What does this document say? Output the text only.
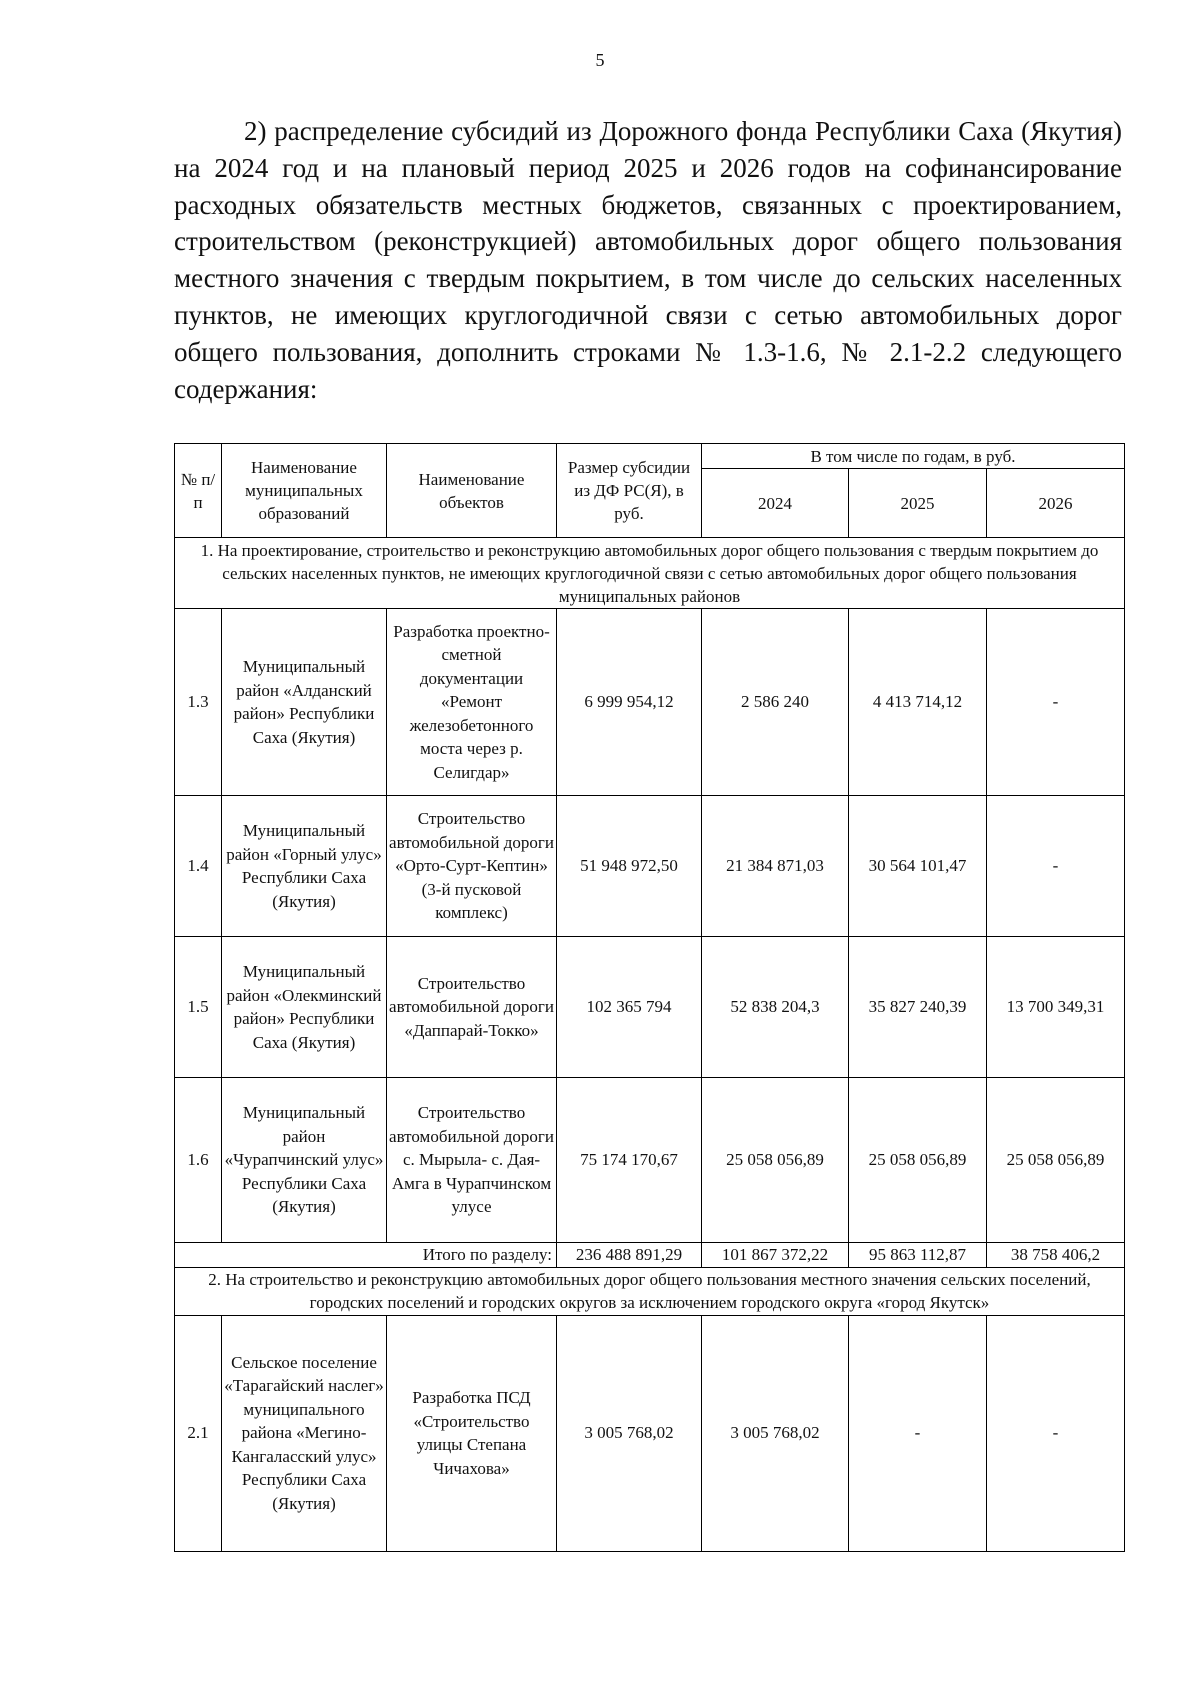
5

2) распределение субсидий из Дорожного фонда Республики Саха (Якутия) на 2024 год и на плановый период 2025 и 2026 годов на софинансирование расходных обязательств местных бюджетов, связанных с проектированием, строительством (реконструкцией) автомобильных дорог общего пользования местного значения с твердым покрытием, в том числе до сельских населенных пунктов, не имеющих круглогодичной связи с сетью автомобильных дорог общего пользования, дополнить строками № 1.3-1.6, № 2.1-2.2 следующего содержания:

№ п/п	Наименование муниципальных образований	Наименование объектов	Размер субсидии из ДФ РС(Я), в руб.	В том числе по годам, в руб.		
				2024	2025	2026
1. На проектирование, строительство и реконструкцию автомобильных дорог общего пользования с твердым покрытием до сельских населенных пунктов, не имеющих круглогодичной связи с сетью автомобильных дорог общего пользования муниципальных районов						
1.3	Муниципальный район «Алданский район» Республики Саха (Якутия)	Разработка проектно-сметной документации «Ремонт железобетонного моста через р. Селигдар»	6 999 954,12	2 586 240	4 413 714,12	-
1.4	Муниципальный район «Горный улус» Республики Саха (Якутия)	Строительство автомобильной дороги «Орто-Сурт-Кептин» (3-й пусковой комплекс)	51 948 972,50	21 384 871,03	30 564 101,47	-
1.5	Муниципальный район «Олекминский район» Республики Саха (Якутия)	Строительство автомобильной дороги «Даппарай-Токко»	102 365 794	52 838 204,3	35 827 240,39	13 700 349,31
1.6	Муниципальный район «Чурапчинский улус» Республики Саха (Якутия)	Строительство автомобильной дороги с. Мырыла- с. Дая-Амга в Чурапчинском улусе	75 174 170,67	25 058 056,89	25 058 056,89	25 058 056,89
Итого по разделу:			236 488 891,29	101 867 372,22	95 863 112,87	38 758 406,2
2. На строительство и реконструкцию автомобильных дорог общего пользования местного значения сельских поселений, городских поселений и городских округов за исключением городского округа «город Якутск»						
2.1	Сельское поселение «Тарагайский наслег» муниципального района «Мегино-Кангаласский улус» Республики Саха (Якутия)	Разработка ПСД «Строительство улицы Степана Чичахова»	3 005 768,02	3 005 768,02	-	-
